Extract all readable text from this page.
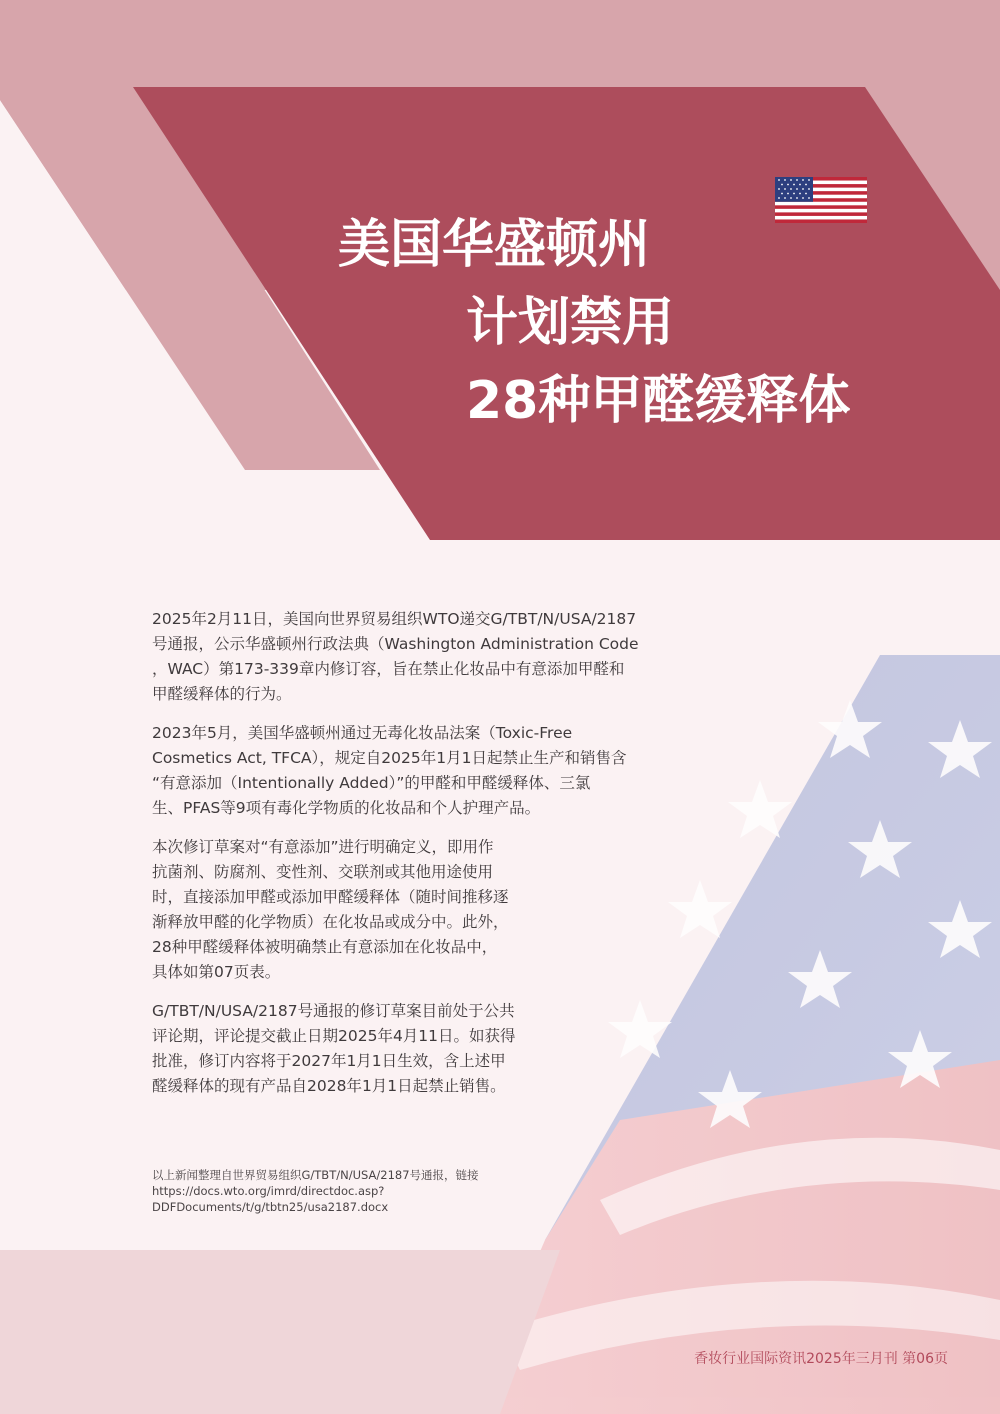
美国华盛顿州
计划禁用
28种甲醛缓释体

2025年2月11日，美国向世界贸易组织WTO递交G/TBT/N/USA/2187
号通报，公示华盛顿州行政法典（Washington Administration Code
，WAC）第173-339章内修订容，旨在禁止化妆品中有意添加甲醛和
甲醛缓释体的行为。

2023年5月，美国华盛顿州通过无毒化妆品法案（Toxic-Free
Cosmetics Act, TFCA），规定自2025年1月1日起禁止生产和销售含
“有意添加（Intentionally Added）”的甲醛和甲醛缓释体、三氯
生、PFAS等9项有毒化学物质的化妆品和个人护理产品。

本次修订草案对“有意添加”进行明确定义，即用作
抗菌剂、防腐剂、变性剂、交联剂或其他用途使用
时，直接添加甲醛或添加甲醛缓释体（随时间推移逐
渐释放甲醛的化学物质）在化妆品或成分中。此外，
28种甲醛缓释体被明确禁止有意添加在化妆品中，
具体如第07页表。

G/TBT/N/USA/2187号通报的修订草案目前处于公共
评论期，评论提交截止日期2025年4月11日。如获得
批准，修订内容将于2027年1月1日生效，含上述甲
醛缓释体的现有产品自2028年1月1日起禁止销售。

以上新闻整理自世界贸易组织G/TBT/N/USA/2187号通报，链接
https://docs.wto.org/imrd/directdoc.asp?
DDFDocuments/t/g/tbtn25/usa2187.docx
香妆行业国际资讯2025年三月刊 第06页
